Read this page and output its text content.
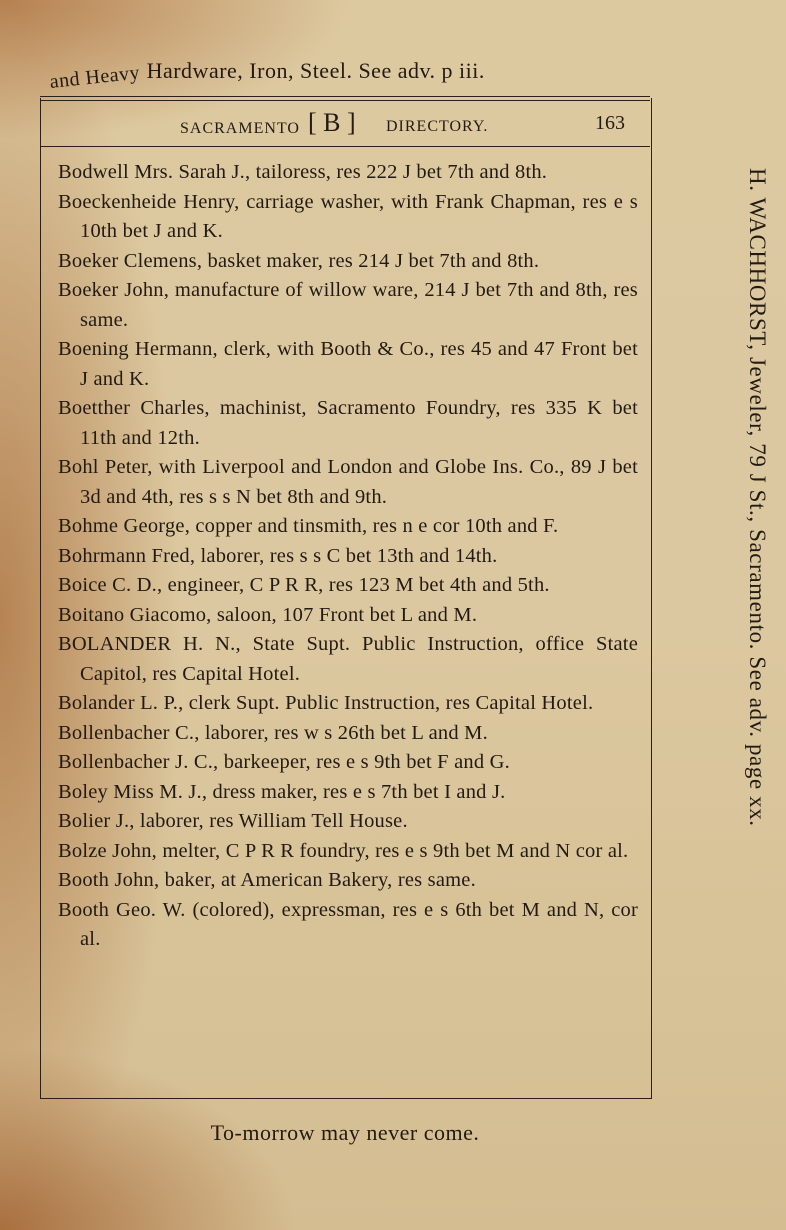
and Heavy Hardware, Iron, Steel. See adv. p iii.
SACRAMENTO [ B ] DIRECTORY.	163
Bodwell Mrs. Sarah J., tailoress, res 222 J bet 7th and 8th.
Boeckenheide Henry, carriage washer, with Frank Chapman, res e s 10th bet J and K.
Boeker Clemens, basket maker, res 214 J bet 7th and 8th.
Boeker John, manufacture of willow ware, 214 J bet 7th and 8th, res same.
Boening Hermann, clerk, with Booth & Co., res 45 and 47 Front bet J and K.
Boetther Charles, machinist, Sacramento Foundry, res 335 K bet 11th and 12th.
Bohl Peter, with Liverpool and London and Globe Ins. Co., 89 J bet 3d and 4th, res s s N bet 8th and 9th.
Bohme George, copper and tinsmith, res n e cor 10th and F.
Bohrmann Fred, laborer, res s s C bet 13th and 14th.
Boice C. D., engineer, C P R R, res 123 M bet 4th and 5th.
Boitano Giacomo, saloon, 107 Front bet L and M.
BOLANDER H. N., State Supt. Public Instruction, office State Capitol, res Capital Hotel.
Bolander L. P., clerk Supt. Public Instruction, res Capital Hotel.
Bollenbacher C., laborer, res w s 26th bet L and M.
Bollenbacher J. C., barkeeper, res e s 9th bet F and G.
Boley Miss M. J., dress maker, res e s 7th bet I and J.
Bolier J., laborer, res William Tell House.
Bolze John, melter, C P R R foundry, res e s 9th bet M and N cor al.
Booth John, baker, at American Bakery, res same.
Booth Geo. W. (colored), expressman, res e s 6th bet M and N, cor al.
To-morrow may never come.
H. WACHHORST, Jeweler, 79 J St., Sacramento. See adv. page xx.
